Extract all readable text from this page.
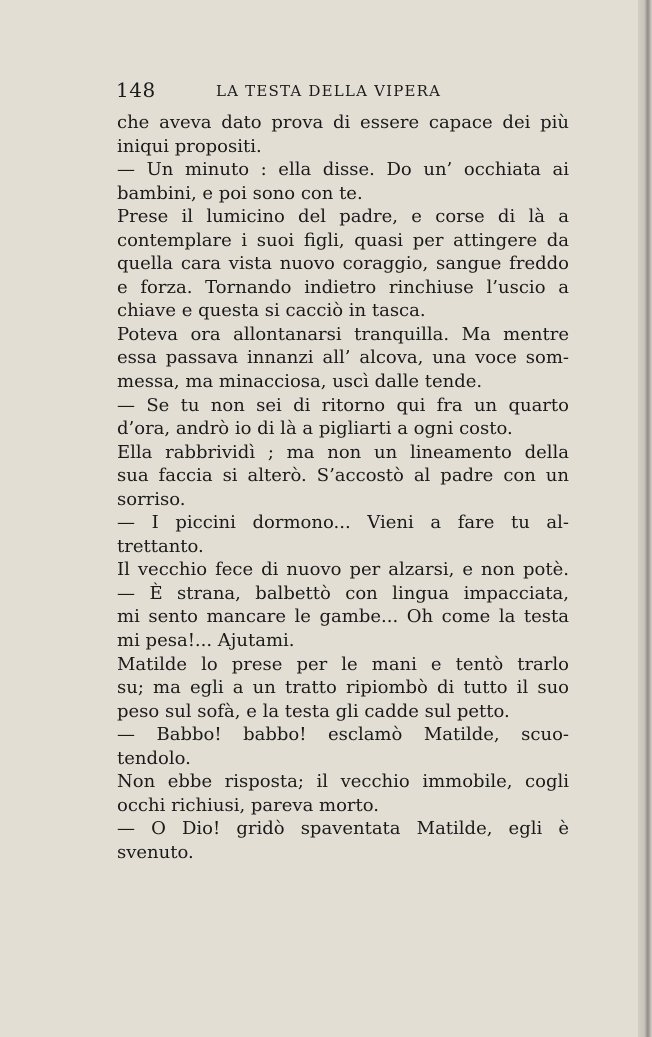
148	LA TESTA DELLA VIPERA
che aveva dato prova di essere capace dei più
iniqui propositi.
— Un minuto : ella disse. Do un’ occhiata ai
bambini, e poi sono con te.
Prese il lumicino del padre, e corse di là a
contemplare i suoi figli, quasi per attingere da
quella cara vista nuovo coraggio, sangue freddo
e forza. Tornando indietro rinchiuse l’uscio a
chiave e questa si cacciò in tasca.
Poteva ora allontanarsi tranquilla. Ma mentre
essa passava innanzi all’ alcova, una voce som-
messa, ma minacciosa, uscì dalle tende.
— Se tu non sei di ritorno qui fra un quarto
d’ora, andrò io di là a pigliarti a ogni costo.
Ella rabbrividì ; ma non un lineamento della
sua faccia si alterò. S’accostò al padre con un
sorriso.
— I piccini dormono... Vieni a fare tu al-
trettanto.
Il vecchio fece di nuovo per alzarsi, e non potè.
— È strana, balbettò con lingua impacciata,
mi sento mancare le gambe... Oh come la testa
mi pesa!... Ajutami.
Matilde lo prese per le mani e tentò trarlo
su; ma egli a un tratto ripiombò di tutto il suo
peso sul sofà, e la testa gli cadde sul petto.
— Babbo! babbo! esclamò Matilde, scuo-
tendolo.
Non ebbe risposta; il vecchio immobile, cogli
occhi richiusi, pareva morto.
— O Dio! gridò spaventata Matilde, egli è
svenuto.
